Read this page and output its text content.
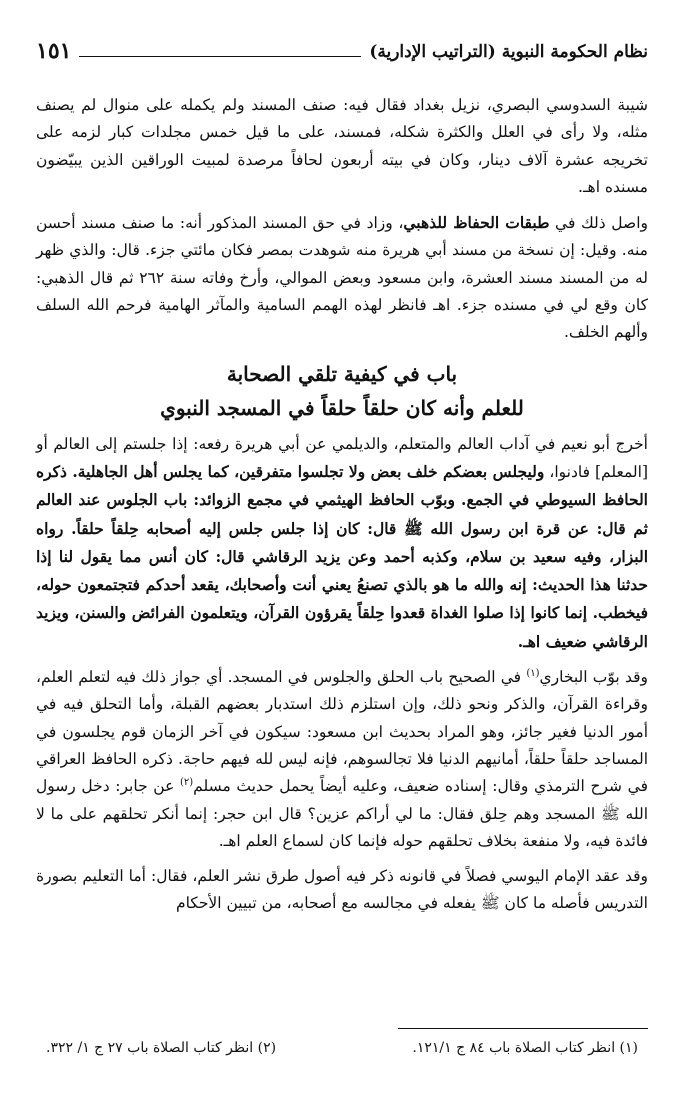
نظام الحكومة النبوية (التراتيب الإدارية)
١٥١

شيبة السدوسي البصري، نزيل بغداد فقال فيه: صنف المسند ولم يكمله على منوال لم يصنف مثله، ولا رأى في العلل والكثرة شكله، فمسند، على ما قيل خمس مجلدات كبار لزمه على تخريجه عشرة آلاف دينار، وكان في بيته أربعون لحافاً مرصدة لمبيت الوراقين الذين يبيّضون مسنده اهـ.

واصل ذلك في طبقات الحفاظ للذهبي، وزاد في حق المسند المذكور أنه: ما صنف مسند أحسن منه. وقيل: إن نسخة من مسند أبي هريرة منه شوهدت بمصر فكان مائتي جزء. قال: والذي ظهر له من المسند مسند العشرة، وابن مسعود وبعض الموالي، وأرخ وفاته سنة ٢٦٢ ثم قال الذهبي: كان وقع لي في مسنده جزء. اهـ فانظر لهذه الهمم السامية والمآثر الهامية فرحم الله السلف وألهم الخلف.

باب في كيفية تلقي الصحابة
للعلم وأنه كان حلقاً حلقاً في المسجد النبوي

أخرج أبو نعيم في آداب العالم والمتعلم، والديلمي عن أبي هريرة رفعه: إذا جلستم إلى العالم أو [المعلم] فادنوا، وليجلس بعضكم خلف بعض ولا تجلسوا متفرقين، كما يجلس أهل الجاهلية. ذكره الحافظ السيوطي في الجمع. وبوّب الحافظ الهيثمي في مجمع الزوائد: باب الجلوس عند العالم ثم قال: عن قرة ابن رسول الله ﷺ قال: كان إذا جلس جلس إليه أصحابه حِلقاً حلقاً. رواه البزار، وفيه سعيد بن سلام، وكذبه أحمد وعن يزيد الرقاشي قال: كان أنس مما يقول لنا إذا حدثنا هذا الحديث: إنه والله ما هو بالذي تصنعُ يعني أنت وأصحابك، يقعد أحدكم فتجتمعون حوله، فيخطب. إنما كانوا إذا صلوا الغداة قعدوا حِلقاً يقرؤون القرآن، ويتعلمون الفرائض والسنن، ويزيد الرقاشي ضعيف اهـ.

وقد بوّب البخاري$^{(١)}$ في الصحيح باب الحلق والجلوس في المسجد. أي جواز ذلك فيه لتعلم العلم، وقراءة القرآن، والذكر ونحو ذلك، وإن استلزم ذلك استدبار بعضهم القبلة، وأما التحلق فيه في أمور الدنيا فغير جائز، وهو المراد بحديث ابن مسعود: سيكون في آخر الزمان قوم يجلسون في المساجد حلقاً حلقاً، أمانيهم الدنيا فلا تجالسوهم، فإنه ليس لله فيهم حاجة. ذكره الحافظ العراقي في شرح الترمذي وقال: إسناده ضعيف، وعليه أيضاً يحمل حديث مسلم$^{(٢)}$ عن جابر: دخل رسول الله ﷺ المسجد وهم حِلق فقال: ما لي أراكم عزين؟ قال ابن حجر: إنما أنكر تحلقهم على ما لا فائدة فيه، ولا منفعة بخلاف تحلقهم حوله فإنما كان لسماع العلم اهـ.

وقد عقد الإمام اليوسي فصلاً في قانونه ذكر فيه أصول طرق نشر العلم، فقال: أما التعليم بصورة التدريس فأصله ما كان ﷺ يفعله في مجالسه مع أصحابه، من تبيين الأحكام

(١) انظر كتاب الصلاة باب ٨٤ ج ١٢١/١.
(٢) انظر كتاب الصلاة باب ٢٧ ج ١/ ٣٢٢.
